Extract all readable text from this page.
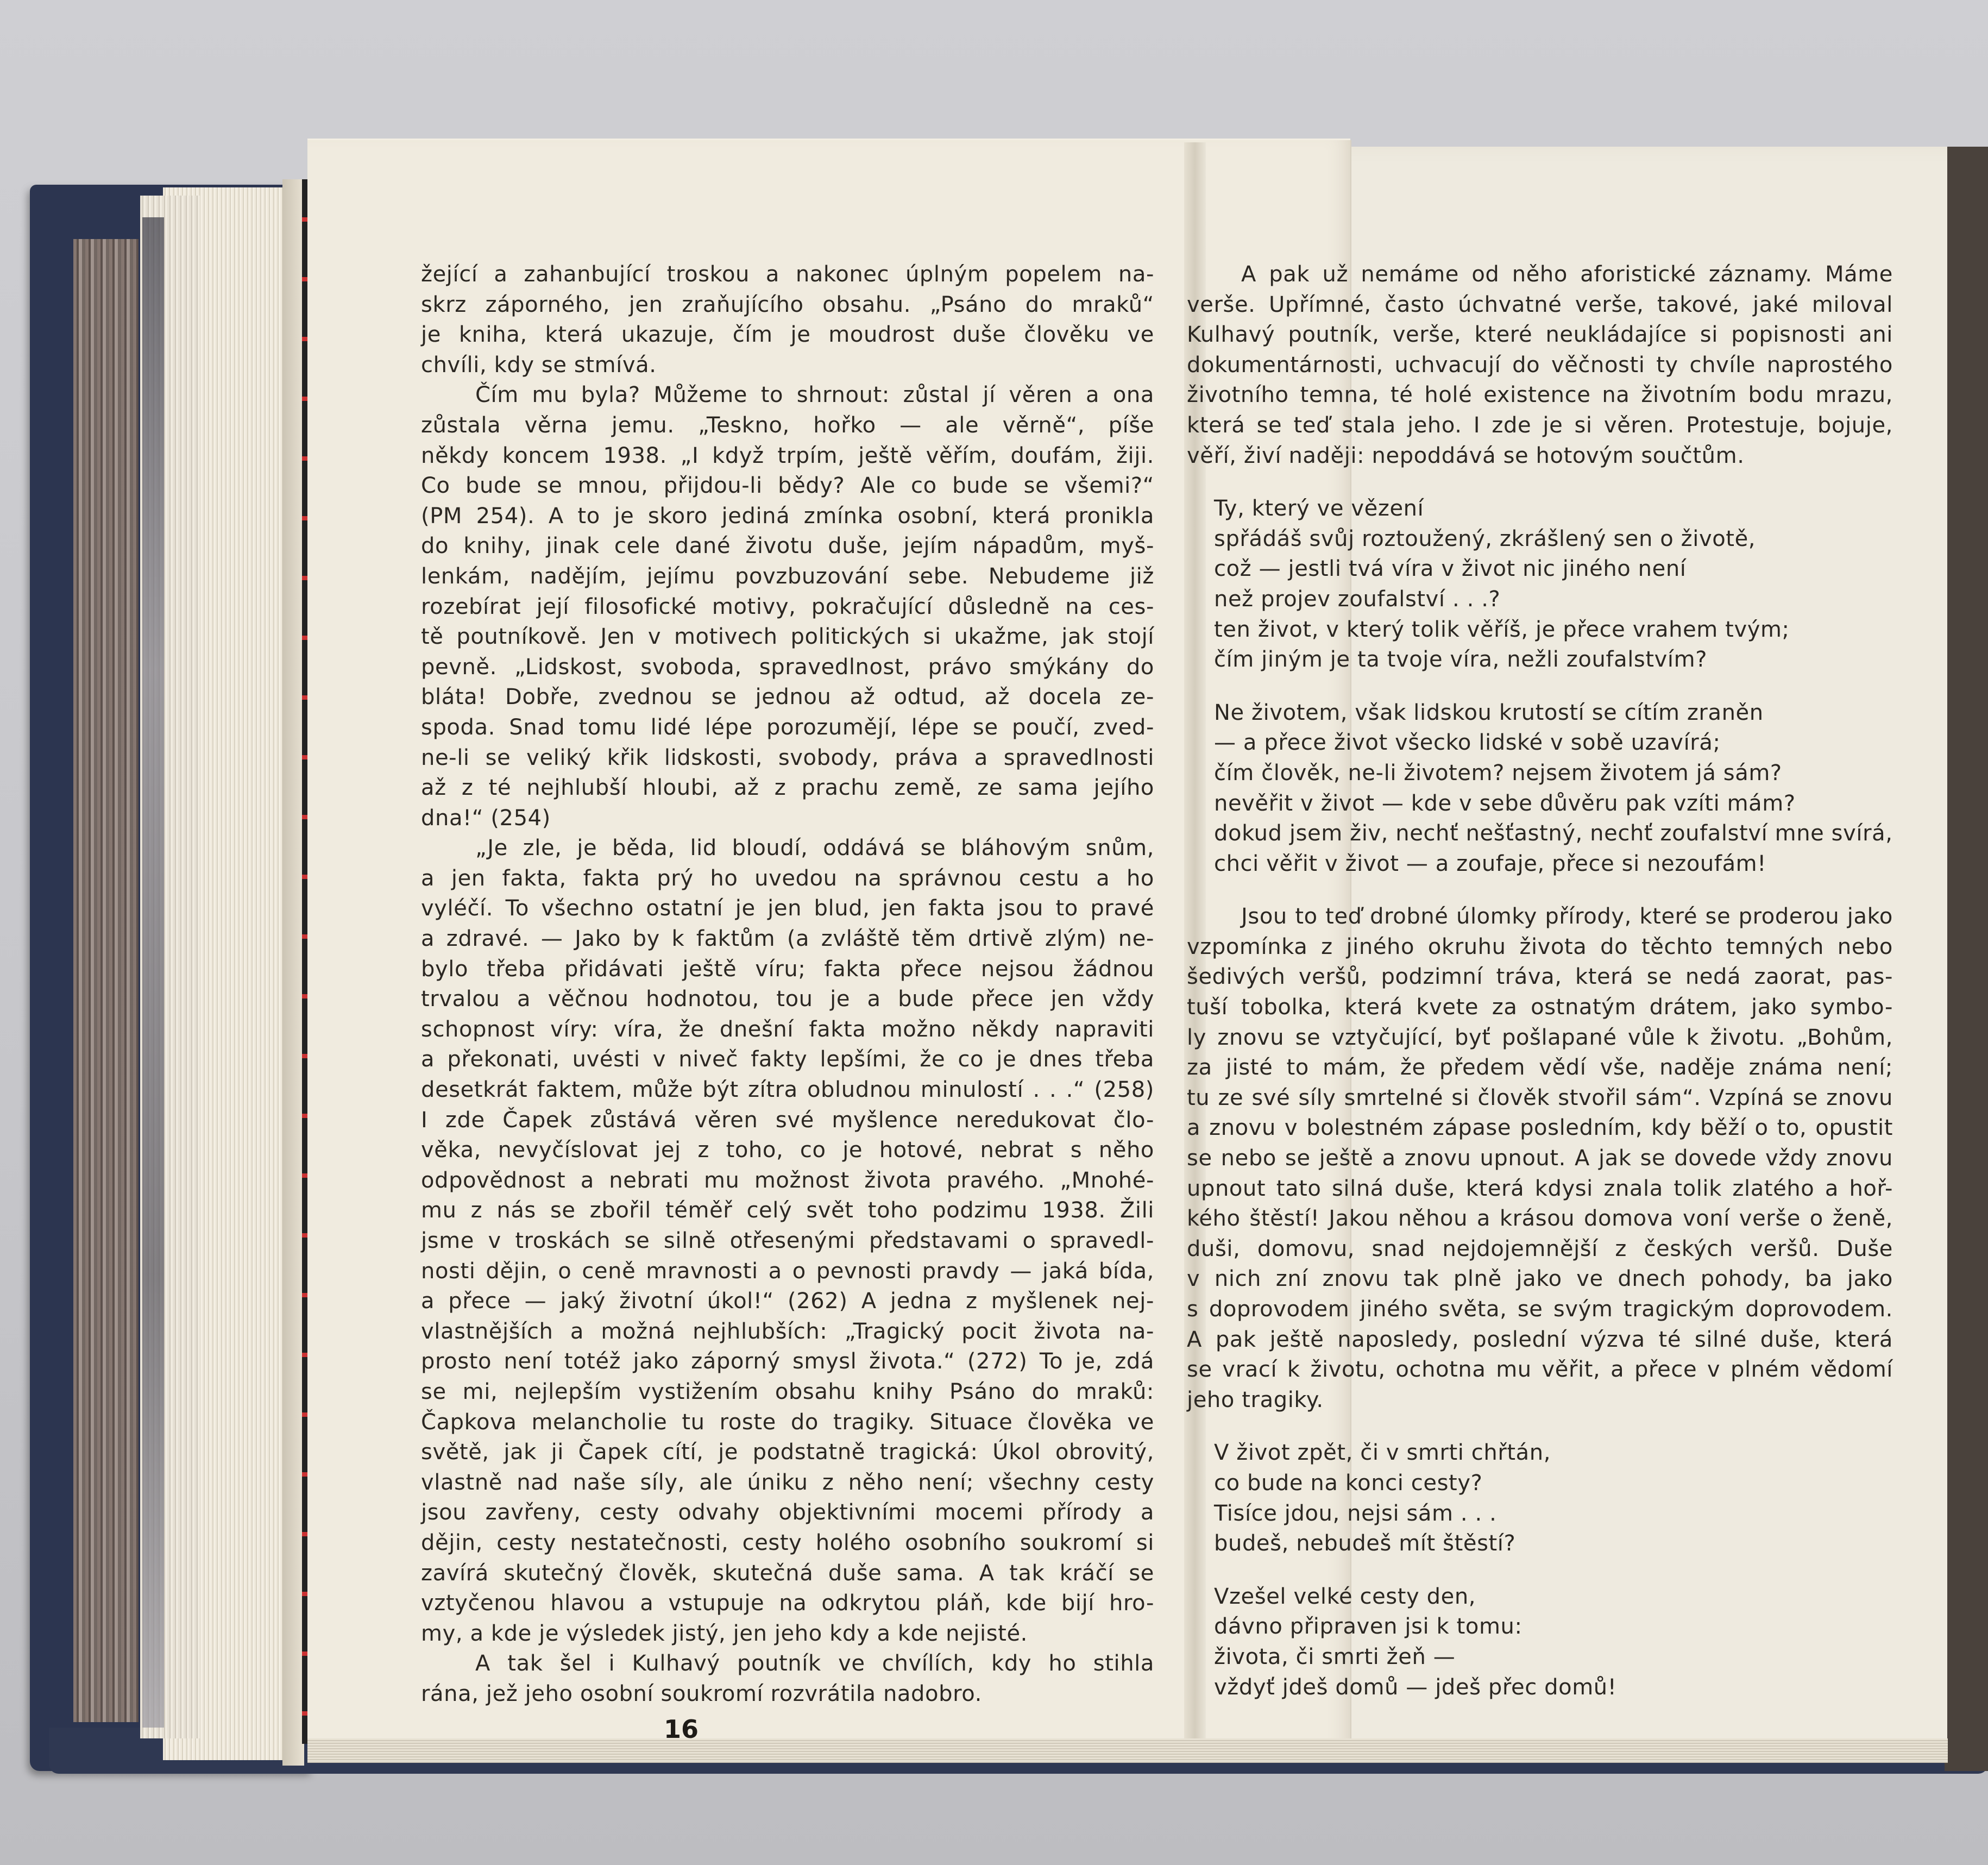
žející a zahanbující troskou a nakonec úplným popelem na-
skrz záporného, jen zraňujícího obsahu. „Psáno do mraků“
je kniha, která ukazuje, čím je moudrost duše člověku ve
chvíli, kdy se stmívá.
Čím mu byla? Můžeme to shrnout: zůstal jí věren a ona
zůstala věrna jemu. „Teskno, hořko — ale věrně“, píše
někdy koncem 1938. „I když trpím, ještě věřím, doufám, žiji.
Co bude se mnou, přijdou-li bědy? Ale co bude se všemi?“
(PM 254). A to je skoro jediná zmínka osobní, která pronikla
do knihy, jinak cele dané životu duše, jejím nápadům, myš-
lenkám, nadějím, jejímu povzbuzování sebe. Nebudeme již
rozebírat její filosofické motivy, pokračující důsledně na ces-
tě poutníkově. Jen v motivech politických si ukažme, jak stojí
pevně. „Lidskost, svoboda, spravedlnost, právo smýkány do
bláta! Dobře, zvednou se jednou až odtud, až docela ze-
spoda. Snad tomu lidé lépe porozumějí, lépe se poučí, zved-
ne-li se veliký křik lidskosti, svobody, práva a spravedlnosti
až z té nejhlubší hloubi, až z prachu země, ze sama jejího
dna!“ (254)
„Je zle, je běda, lid bloudí, oddává se bláhovým snům,
a jen fakta, fakta prý ho uvedou na správnou cestu a ho
vyléčí. To všechno ostatní je jen blud, jen fakta jsou to pravé
a zdravé. — Jako by k faktům (a zvláště těm drtivě zlým) ne-
bylo třeba přidávati ještě víru; fakta přece nejsou žádnou
trvalou a věčnou hodnotou, tou je a bude přece jen vždy
schopnost víry: víra, že dnešní fakta možno někdy napraviti
a překonati, uvésti v niveč fakty lepšími, že co je dnes třeba
desetkrát faktem, může být zítra obludnou minulostí . . .“ (258)
I zde Čapek zůstává věren své myšlence neredukovat člo-
věka, nevyčíslovat jej z toho, co je hotové, nebrat s něho
odpovědnost a nebrati mu možnost života pravého. „Mnohé-
mu z nás se zbořil téměř celý svět toho podzimu 1938. Žili
jsme v troskách se silně otřesenými představami o spravedl-
nosti dějin, o ceně mravnosti a o pevnosti pravdy — jaká bída,
a přece — jaký životní úkol!“ (262) A jedna z myšlenek nej-
vlastnějších a možná nejhlubších: „Tragický pocit života na-
prosto není totéž jako záporný smysl života.“ (272) To je, zdá
se mi, nejlepším vystižením obsahu knihy Psáno do mraků:
Čapkova melancholie tu roste do tragiky. Situace člověka ve
světě, jak ji Čapek cítí, je podstatně tragická: Úkol obrovitý,
vlastně nad naše síly, ale úniku z něho není; všechny cesty
jsou zavřeny, cesty odvahy objektivními mocemi přírody a
dějin, cesty nestatečnosti, cesty holého osobního soukromí si
zavírá skutečný člověk, skutečná duše sama. A tak kráčí se
vztyčenou hlavou a vstupuje na odkrytou pláň, kde bijí hro-
my, a kde je výsledek jistý, jen jeho kdy a kde nejisté.
A tak šel i Kulhavý poutník ve chvílích, kdy ho stihla
rána, jež jeho osobní soukromí rozvrátila nadobro.
A pak už nemáme od něho aforistické záznamy. Máme
verše. Upřímné, často úchvatné verše, takové, jaké miloval
Kulhavý poutník, verše, které neukládajíce si popisnosti ani
dokumentárnosti, uchvacují do věčnosti ty chvíle naprostého
životního temna, té holé existence na životním bodu mrazu,
která se teď stala jeho. I zde je si věren. Protestuje, bojuje,
věří, živí naději: nepoddává se hotovým součtům.
Ty, který ve vězení
spřádáš svůj roztoužený, zkrášlený sen o životě,
což — jestli tvá víra v život nic jiného není
než projev zoufalství . . .?
ten život, v který tolik věříš, je přece vrahem tvým;
čím jiným je ta tvoje víra, nežli zoufalstvím?
Ne životem, však lidskou krutostí se cítím zraněn
— a přece život všecko lidské v sobě uzavírá;
čím člověk, ne-li životem? nejsem životem já sám?
nevěřit v život — kde v sebe důvěru pak vzíti mám?
dokud jsem živ, nechť nešťastný, nechť zoufalství mne svírá,
chci věřit v život — a zoufaje, přece si nezoufám!
Jsou to teď drobné úlomky přírody, které se proderou jako
vzpomínka z jiného okruhu života do těchto temných nebo
šedivých veršů, podzimní tráva, která se nedá zaorat, pas-
tuší tobolka, která kvete za ostnatým drátem, jako symbo-
ly znovu se vztyčující, byť pošlapané vůle k životu. „Bohům,
za jisté to mám, že předem vědí vše, naděje známa není;
tu ze své síly smrtelné si člověk stvořil sám“. Vzpíná se znovu
a znovu v bolestném zápase posledním, kdy běží o to, opustit
se nebo se ještě a znovu upnout. A jak se dovede vždy znovu
upnout tato silná duše, která kdysi znala tolik zlatého a hoř-
kého štěstí! Jakou něhou a krásou domova voní verše o ženě,
duši, domovu, snad nejdojemnější z českých veršů. Duše
v nich zní znovu tak plně jako ve dnech pohody, ba jako
s doprovodem jiného světa, se svým tragickým doprovodem.
A pak ještě naposledy, poslední výzva té silné duše, která
se vrací k životu, ochotna mu věřit, a přece v plném vědomí
jeho tragiky.
V život zpět, či v smrti chřtán,
co bude na konci cesty?
Tisíce jdou, nejsi sám . . .
budeš, nebudeš mít štěstí?
Vzešel velké cesty den,
dávno připraven jsi k tomu:
života, či smrti žeň —
vždyť jdeš domů — jdeš přec domů!
16
